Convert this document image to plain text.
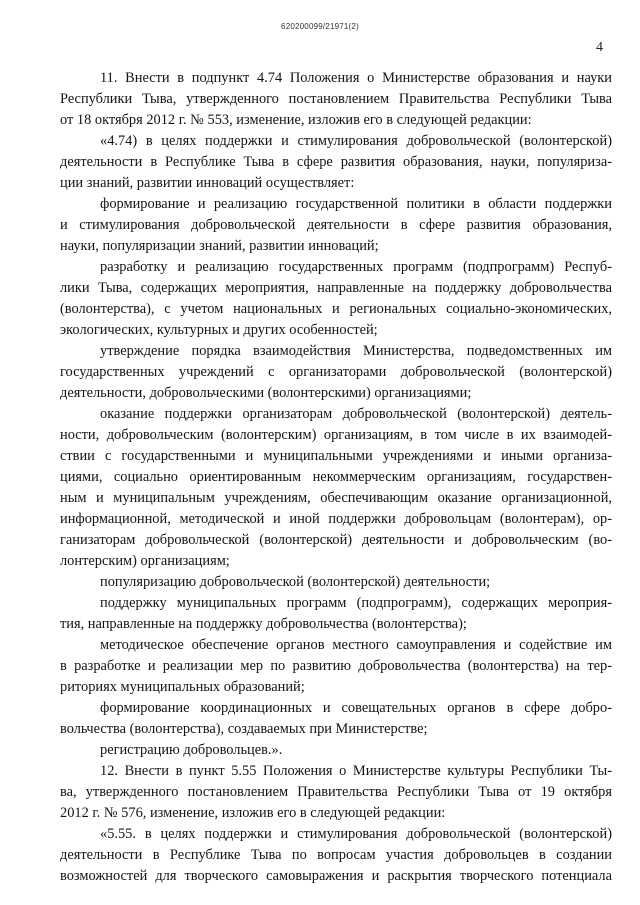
620200099/21971(2)
4
11. Внести в подпункт 4.74 Положения о Министерстве образования и науки
Республики Тыва, утвержденного постановлением Правительства Республики Тыва
от 18 октября 2012 г. № 553, изменение, изложив его в следующей редакции:
«4.74) в целях поддержки и стимулирования добровольческой (волонтерской)
деятельности в Республике Тыва в сфере развития образования, науки, популяриза-
ции знаний, развитии инноваций осуществляет:
формирование и реализацию государственной политики в области поддержки
и стимулирования добровольческой деятельности в сфере развития образования,
науки, популяризации знаний, развитии инноваций;
разработку и реализацию государственных программ (подпрограмм) Респуб-
лики Тыва, содержащих мероприятия, направленные на поддержку добровольчества
(волонтерства), с учетом национальных и региональных социально-экономических,
экологических, культурных и других особенностей;
утверждение порядка взаимодействия Министерства, подведомственных им
государственных учреждений с организаторами добровольческой (волонтерской)
деятельности, добровольческими (волонтерскими) организациями;
оказание поддержки организаторам добровольческой (волонтерской) деятель-
ности, добровольческим (волонтерским) организациям, в том числе в их взаимодей-
ствии с государственными и муниципальными учреждениями и иными организа-
циями, социально ориентированным некоммерческим организациям, государствен-
ным и муниципальным учреждениям, обеспечивающим оказание организационной,
информационной, методической и иной поддержки добровольцам (волонтерам), ор-
ганизаторам добровольческой (волонтерской) деятельности и добровольческим (во-
лонтерским) организациям;
популяризацию добровольческой (волонтерской) деятельности;
поддержку муниципальных программ (подпрограмм), содержащих мероприя-
тия, направленные на поддержку добровольчества (волонтерства);
методическое обеспечение органов местного самоуправления и содействие им
в разработке и реализации мер по развитию добровольчества (волонтерства) на тер-
риториях муниципальных образований;
формирование координационных и совещательных органов в сфере добро-
вольчества (волонтерства), создаваемых при Министерстве;
регистрацию добровольцев.».
12. Внести в пункт 5.55 Положения о Министерстве культуры Республики Ты-
ва, утвержденного постановлением Правительства Республики Тыва от 19 октября
2012 г. № 576, изменение, изложив его в следующей редакции:
«5.55. в целях поддержки и стимулирования добровольческой (волонтерской)
деятельности в Республике Тыва по вопросам участия добровольцев в создании
возможностей для творческого самовыражения и раскрытия творческого потенциала
